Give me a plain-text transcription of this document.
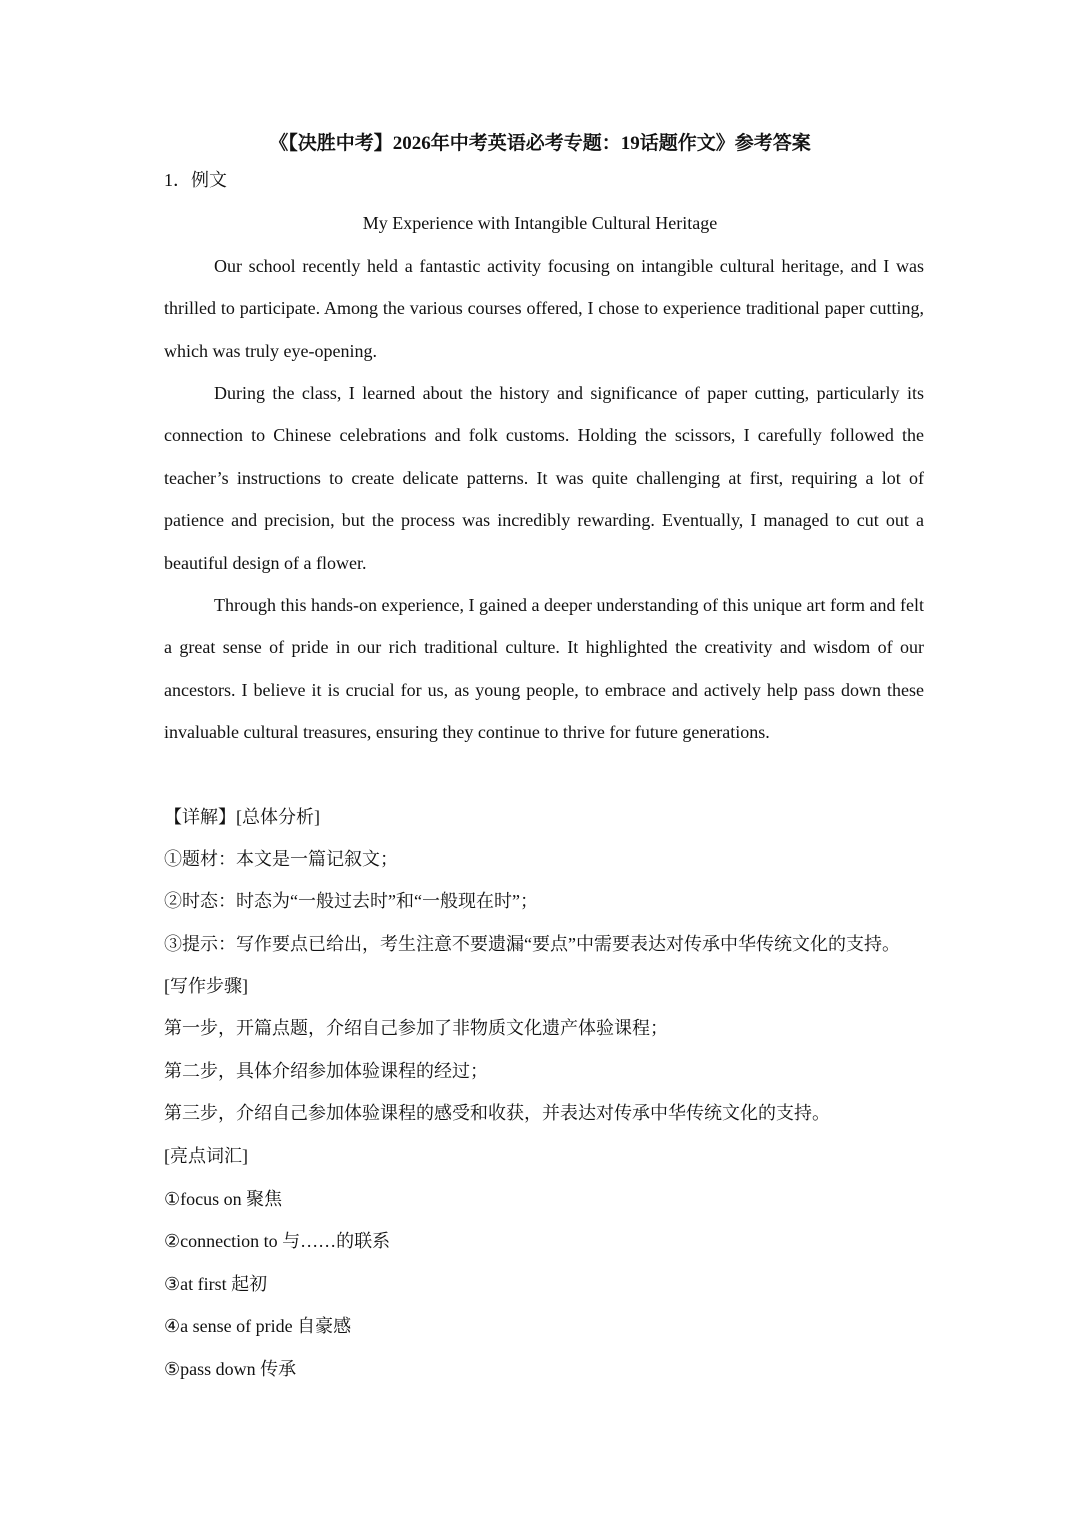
《【决胜中考】2026年中考英语必考专题：19话题作文》参考答案
1．例文
My Experience with Intangible Cultural Heritage

Our school recently held a fantastic activity focusing on intangible cultural heritage, and I was thrilled to participate. Among the various courses offered, I chose to experience traditional paper cutting, which was truly eye-opening.

During the class, I learned about the history and significance of paper cutting, particularly its connection to Chinese celebrations and folk customs. Holding the scissors, I carefully followed the teacher’s instructions to create delicate patterns. It was quite challenging at first, requiring a lot of patience and precision, but the process was incredibly rewarding. Eventually, I managed to cut out a beautiful design of a flower.

Through this hands-on experience, I gained a deeper understanding of this unique art form and felt a great sense of pride in our rich traditional culture. It highlighted the creativity and wisdom of our ancestors. I believe it is crucial for us, as young people, to embrace and actively help pass down these invaluable cultural treasures, ensuring they continue to thrive for future generations.

【详解】[总体分析]
①题材：本文是一篇记叙文；
②时态：时态为“一般过去时”和“一般现在时”；
③提示：写作要点已给出，考生注意不要遗漏“要点”中需要表达对传承中华传统文化的支持。
[写作步骤]
第一步，开篇点题，介绍自己参加了非物质文化遗产体验课程；
第二步，具体介绍参加体验课程的经过；
第三步，介绍自己参加体验课程的感受和收获，并表达对传承中华传统文化的支持。
[亮点词汇]
①focus on 聚焦
②connection to 与……的联系
③at first 起初
④a sense of pride 自豪感
⑤pass down 传承
